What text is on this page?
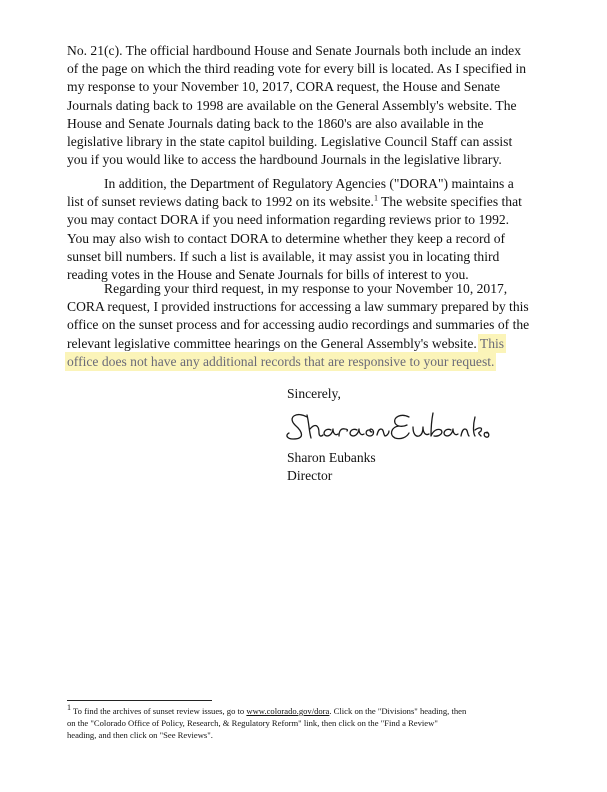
No. 21(c). The official hardbound House and Senate Journals both include an index
of the page on which the third reading vote for every bill is located. As I specified in
my response to your November 10, 2017, CORA request, the House and Senate
Journals dating back to 1998 are available on the General Assembly's website. The
House and Senate Journals dating back to the 1860's are also available in the
legislative library in the state capitol building. Legislative Council Staff can assist
you if you would like to access the hardbound Journals in the legislative library.

In addition, the Department of Regulatory Agencies ("DORA") maintains a
list of sunset reviews dating back to 1992 on its website.$^1$ The website specifies that
you may contact DORA if you need information regarding reviews prior to 1992.
You may also wish to contact DORA to determine whether they keep a record of
sunset bill numbers. If such a list is available, it may assist you in locating third
reading votes in the House and Senate Journals for bills of interest to you.

Regarding your third request, in my response to your November 10, 2017,
CORA request, I provided instructions for accessing a law summary prepared by this
office on the sunset process and for accessing audio recordings and summaries of the
relevant legislative committee hearings on the General Assembly's website. This
office does not have any additional records that are responsive to your request.

Sincerely,
Sharon Eubanks
Director

$^1$ To find the archives of sunset review issues, go to www.colorado.gov/dora. Click on the "Divisions" heading, then
on the "Colorado Office of Policy, Research, & Regulatory Reform" link, then click on the "Find a Review"
heading, and then click on "See Reviews".
